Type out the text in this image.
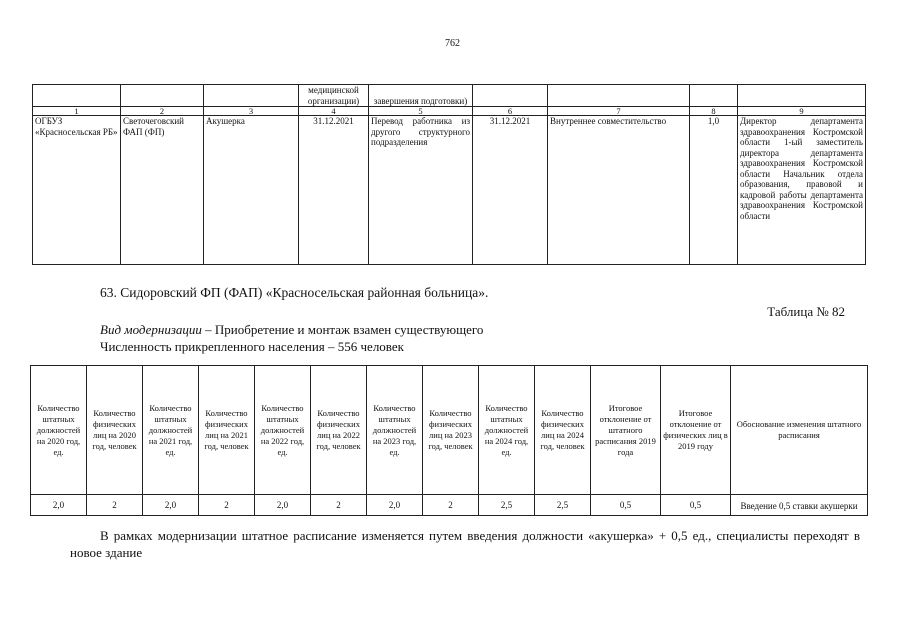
762
			медицинской организации)	завершения подготовки)				
1	2	3	4	5	6	7	8	9
ОГБУЗ «Красносельская РБ»	Светочеговский ФАП (ФП)	Акушерка	31.12.2021	Перевод работника из другого структурного подразделения	31.12.2021	Внутреннее совместительство	1,0	Директор департамента здравоохранения Костромской области 1-ый заместитель директора департамента здравоохранения Костромской области Начальник отдела образования, правовой и кадровой работы департамента здравоохранения Костромской области
63. Сидоровский ФП (ФАП) «Красносельская районная больница».
Таблица № 82
Вид модернизации – Приобретение и монтаж взамен существующего
Численность прикрепленного населения – 556 человек
Количество штатных должностей на 2020 год, ед.	Количество физических лиц на 2020 год, человек	Количество штатных должностей на 2021 год, ед.	Количество физических лиц на 2021 год, человек	Количество штатных должностей на 2022 год, ед.	Количество физических лиц на 2022 год, человек	Количество штатных должностей на 2023 год, ед.	Количество физических лиц на 2023 год, человек	Количество штатных должностей на 2024 год, ед.	Количество физических лиц на 2024 год, человек	Итоговое отклонение от штатного расписания 2019 года	Итоговое отклонение от физических лиц в 2019 году	Обоснование изменения штатного расписания
2,0	2	2,0	2	2,0	2	2,0	2	2,5	2,5	0,5	0,5	Введение 0,5 ставки акушерки
В рамках модернизации штатное расписание изменяется путем введения должности «акушерка» + 0,5 ед., специалисты переходят в новое здание
